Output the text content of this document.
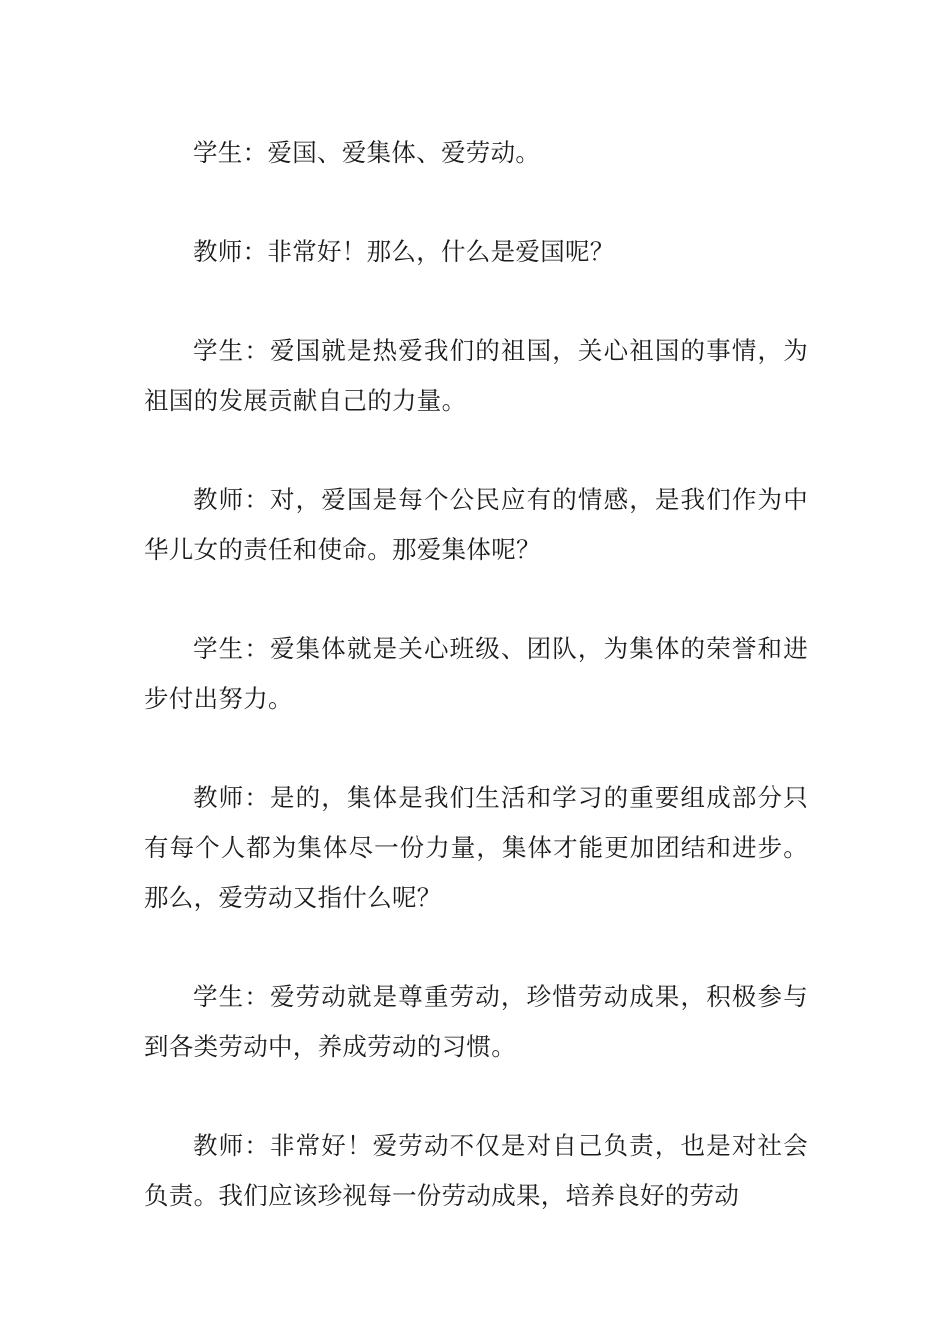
学生：爱国、爱集体、爱劳动。

教师：非常好！那么，什么是爱国呢？

学生：爱国就是热爱我们的祖国，关心祖国的事情，为祖国的发展贡献自己的力量。

教师：对，爱国是每个公民应有的情感，是我们作为中华儿女的责任和使命。那爱集体呢？

学生：爱集体就是关心班级、团队，为集体的荣誉和进步付出努力。

教师：是的，集体是我们生活和学习的重要组成部分只有每个人都为集体尽一份力量，集体才能更加团结和进步。那么，爱劳动又指什么呢？

学生：爱劳动就是尊重劳动，珍惜劳动成果，积极参与到各类劳动中，养成劳动的习惯。

教师：非常好！爱劳动不仅是对自己负责，也是对社会负责。我们应该珍视每一份劳动成果，培养良好的劳动
